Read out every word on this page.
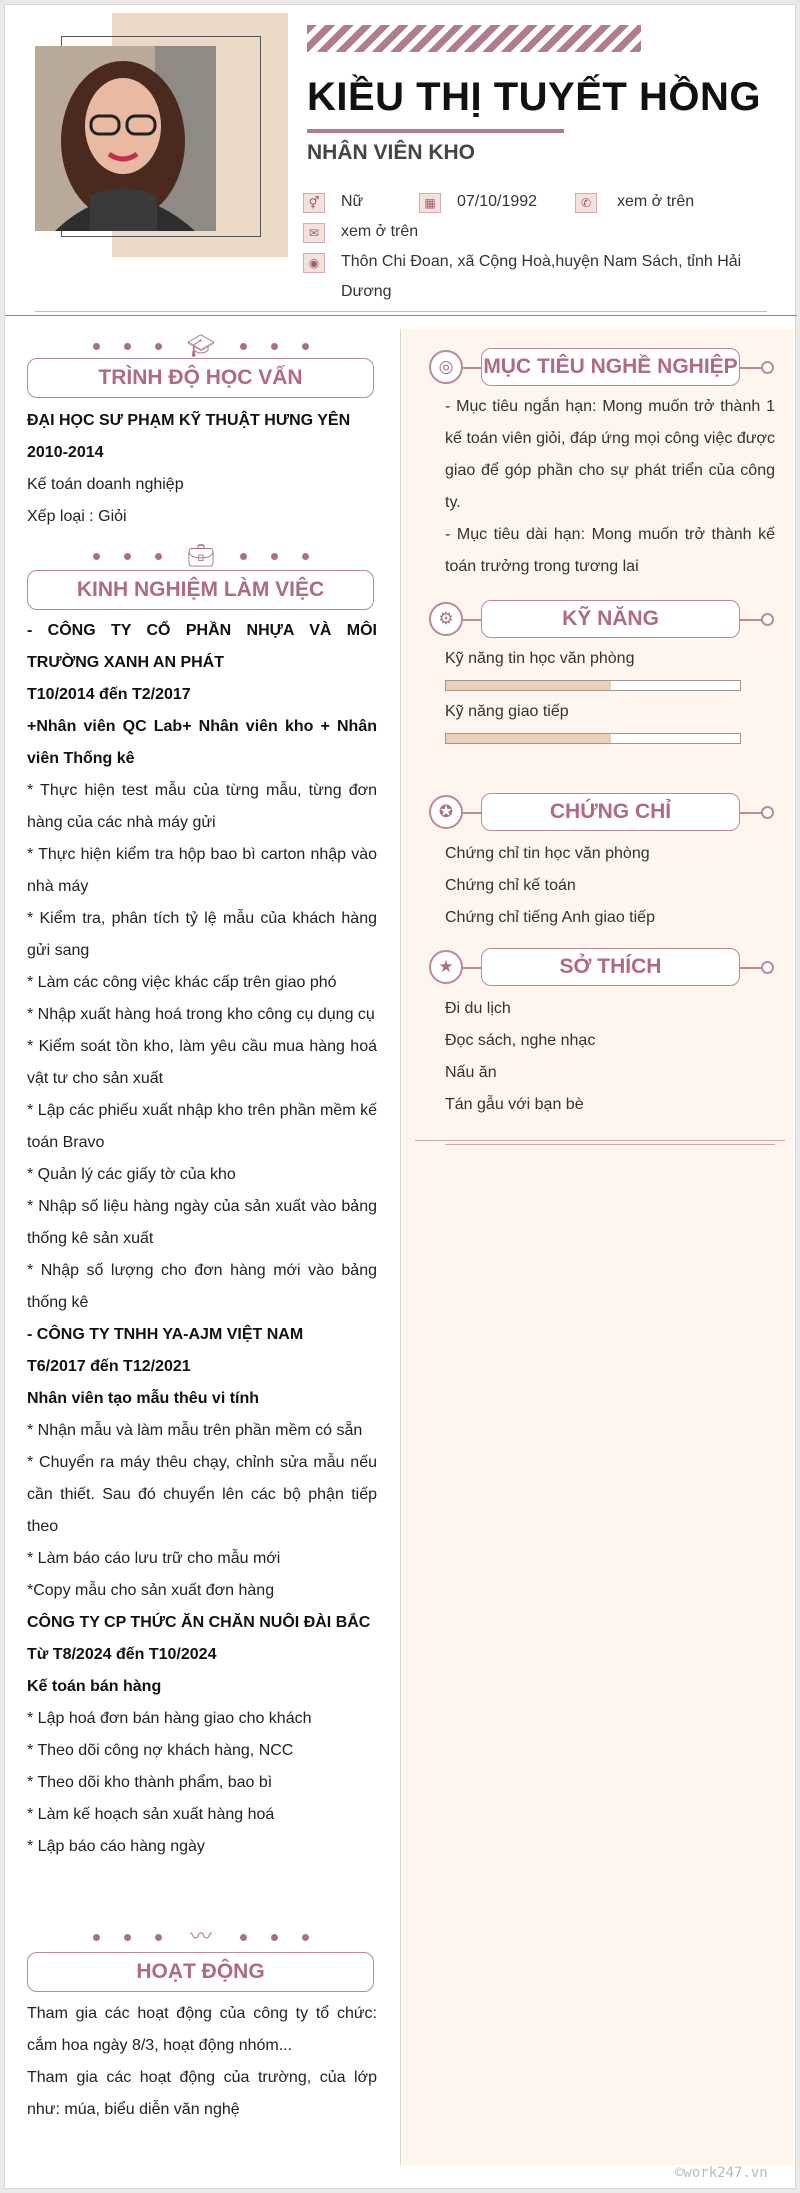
KIỀU THỊ TUYẾT HỒNG
NHÂN VIÊN KHO
⚥	Nữ	▦	07/10/1992	✆	xem ở trên
✉	xem ở trên
◉	Thôn Chi Đoan, xã Cộng Hoà,huyện Nam Sách, tỉnh Hải
Dương
🎓︎
TRÌNH ĐỘ HỌC VẤN

ĐẠI HỌC SƯ PHẠM KỸ THUẬT HƯNG YÊN

2010-2014

Kế toán doanh nghiệp

Xếp loại : Giỏi

💼︎
KINH NGHIỆM LÀM VIỆC

- CÔNG TY CỔ PHẦN NHỰA VÀ MÔI TRƯỜNG XANH AN PHÁT

T10/2014 đến T2/2017

+Nhân viên QC Lab+ Nhân viên kho + Nhân viên Thống kê

* Thực hiện test mẫu của từng mẫu, từng đơn hàng của các nhà máy gửi

* Thực hiện kiểm tra hộp bao bì carton nhập vào nhà máy

* Kiểm tra, phân tích tỷ lệ mẫu của khách hàng gửi sang

* Làm các công việc khác cấp trên giao phó

* Nhập xuất hàng hoá trong kho công cụ dụng cụ

* Kiểm soát tồn kho, làm yêu cầu mua hàng hoá vật tư cho sản xuất

* Lập các phiếu xuất nhập kho trên phần mềm kế toán Bravo

* Quản lý các giấy tờ của kho

* Nhập số liệu hàng ngày của sản xuất vào bảng thống kê sản xuất

* Nhập số lượng cho đơn hàng mới vào bảng thống kê

- CÔNG TY TNHH YA-AJM VIỆT NAM

T6/2017 đến T12/2021

Nhân viên tạo mẫu thêu vi tính

* Nhận mẫu và làm mẫu trên phần mềm có sẵn

* Chuyển ra máy thêu chạy, chỉnh sửa mẫu nếu cần thiết. Sau đó chuyển lên các bộ phận tiếp theo

* Làm báo cáo lưu trữ cho mẫu mới

*Copy mẫu cho sản xuất đơn hàng

CÔNG TY CP THỨC ĂN CHĂN NUÔI ĐÀI BẮC

Từ T8/2024 đến T10/2024

Kế toán bán hàng

* Lập hoá đơn bán hàng giao cho khách

* Theo dõi công nợ khách hàng, NCC

* Theo dõi kho thành phẩm, bao bì

* Làm kế hoạch sản xuất hàng hoá

* Lập báo cáo hàng ngày

〰
HOẠT ĐỘNG

Tham gia các hoạt động của công ty tổ chức: cắm hoa ngày 8/3, hoạt động nhóm...

Tham gia các hoạt động của trường, của lớp như: múa, biểu diễn văn nghệ

◎	MỤC TIÊU NGHỀ NGHIỆP

- Mục tiêu ngắn hạn: Mong muốn trở thành 1 kế toán viên giỏi, đáp ứng mọi công việc được giao để góp phần cho sự phát triển của công ty.

- Mục tiêu dài hạn: Mong muốn trở thành kế toán trưởng trong tương lai

⚙	KỸ NĂNG
Kỹ năng tin học văn phòng
Kỹ năng giao tiếp
✪	CHỨNG CHỈ

Chứng chỉ tin học văn phòng

Chứng chỉ kế toán

Chứng chỉ tiếng Anh giao tiếp

★	SỞ THÍCH

Đi du lịch

Đọc sách, nghe nhạc

Nấu ăn

Tán gẫu với bạn bè

©work247.vn
